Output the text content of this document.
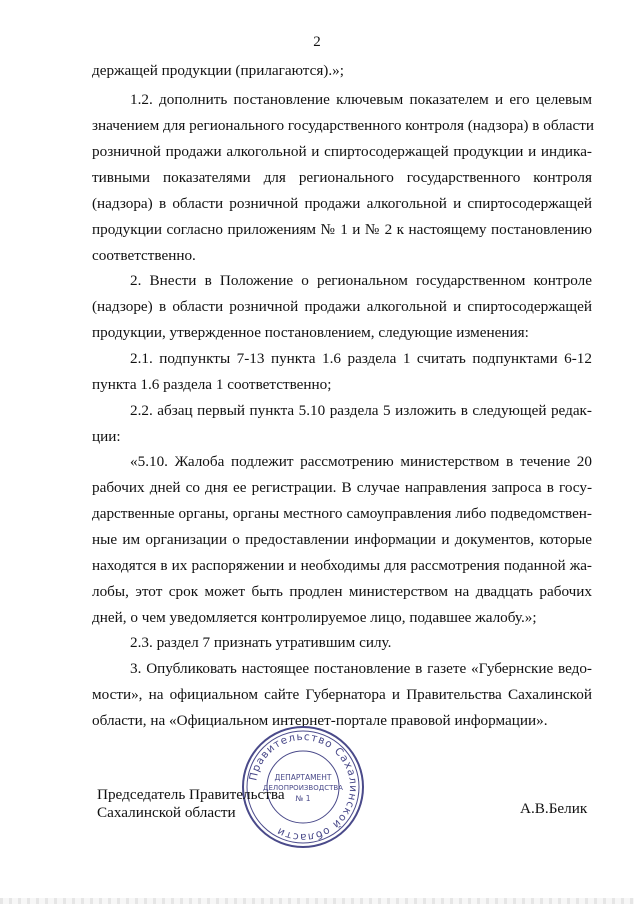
2
держащей продукции (прилагаются).»;
1.2. дополнить постановление ключевым показателем и его целевым
значением для регионального государственного контроля (надзора) в области
розничной продажи алкогольной и спиртосодержащей продукции и индика-
тивными показателями для регионального государственного контроля
(надзора) в области розничной продажи алкогольной и спиртосодержащей
продукции согласно приложениям № 1 и № 2 к настоящему постановлению
соответственно.
2. Внести в Положение о региональном государственном контроле
(надзоре) в области розничной продажи алкогольной и спиртосодержащей
продукции, утвержденное постановлением, следующие изменения:
2.1. подпункты 7-13 пункта 1.6 раздела 1 считать подпунктами 6-12
пункта 1.6 раздела 1 соответственно;
2.2. абзац первый пункта 5.10 раздела 5 изложить в следующей редак-
ции:
«5.10. Жалоба подлежит рассмотрению министерством в течение 20
рабочих дней со дня ее регистрации. В случае направления запроса в госу-
дарственные органы, органы местного самоуправления либо подведомствен-
ные им организации о предоставлении информации и документов, которые
находятся в их распоряжении и необходимы для рассмотрения поданной жа-
лобы, этот срок может быть продлен министерством на двадцать рабочих
дней, о чем уведомляется контролируемое лицо, подавшее жалобу.»;
2.3. раздел 7 признать утратившим силу.
3. Опубликовать настоящее постановление в газете «Губернские ведо-
мости», на официальном сайте Губернатора и Правительства Сахалинской
области, на «Официальном интернет-портале правовой информации».
Правительство Сахалинской области
ДЕПАРТАМЕНТ
ДЕЛОПРОИЗВОДСТВА
№ 1
Председатель Правительства
Сахалинской области	А.В.Белик
